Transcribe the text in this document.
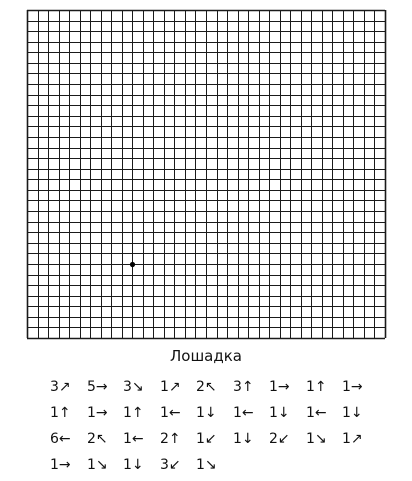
Лошадка
3↗ 5→ 3↘ 1↗ 2↖ 3↑ 1→ 1↑ 1→
1↑ 1→ 1↑ 1← 1↓ 1← 1↓ 1← 1↓
6← 2↖ 1← 2↑ 1↙ 1↓ 2↙ 1↘ 1↗
1→ 1↘ 1↓ 3↙ 1↘
